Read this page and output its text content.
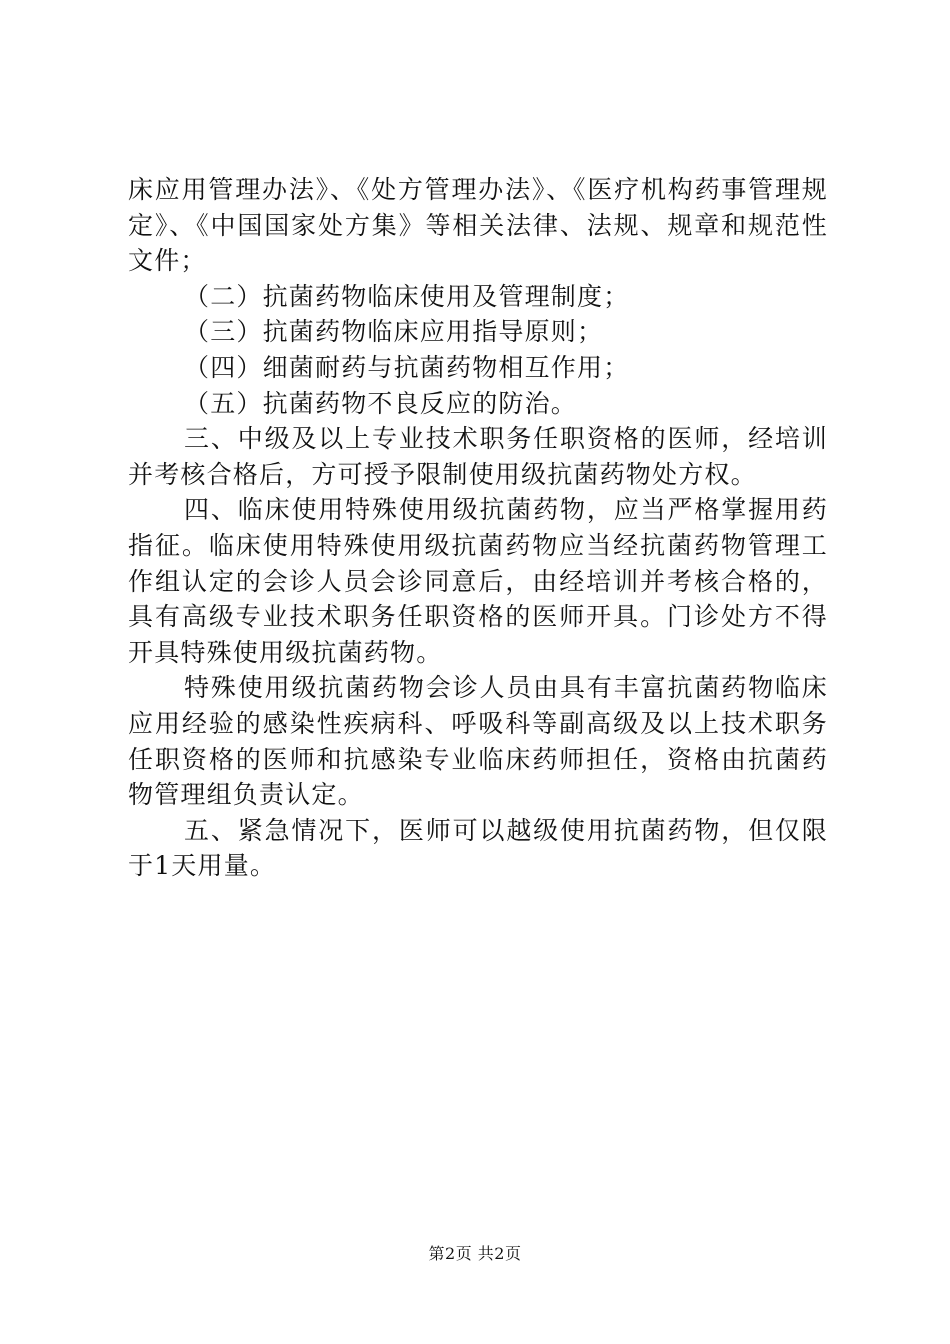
床应用管理办法》、《处方管理办法》、《医疗机构药事管理规定》、《中国国家处方集》等相关法律、法规、规章和规范性文件；

（二）抗菌药物临床使用及管理制度；

（三）抗菌药物临床应用指导原则；

（四）细菌耐药与抗菌药物相互作用；

（五）抗菌药物不良反应的防治。

三、中级及以上专业技术职务任职资格的医师，经培训并考核合格后，方可授予限制使用级抗菌药物处方权。

四、临床使用特殊使用级抗菌药物，应当严格掌握用药指征。临床使用特殊使用级抗菌药物应当经抗菌药物管理工作组认定的会诊人员会诊同意后，由经培训并考核合格的，具有高级专业技术职务任职资格的医师开具。门诊处方不得开具特殊使用级抗菌药物。

特殊使用级抗菌药物会诊人员由具有丰富抗菌药物临床应用经验的感染性疾病科、呼吸科等副高级及以上技术职务任职资格的医师和抗感染专业临床药师担任，资格由抗菌药物管理组负责认定。

五、紧急情况下，医师可以越级使用抗菌药物，但仅限于1天用量。

第2页 共2页
